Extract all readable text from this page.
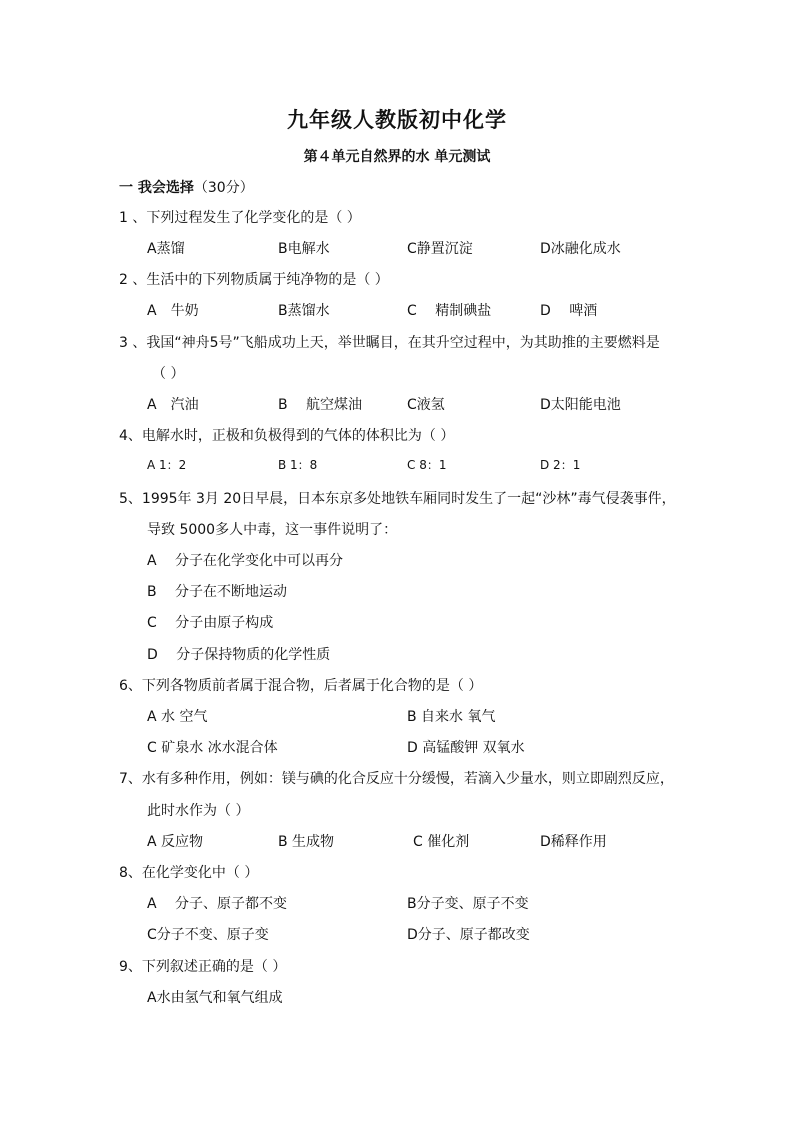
九年级人教版初中化学
第４单元自然界的水 单元测试
一 我会选择（30分）
1 、下列过程发生了化学变化的是（ ）
A蒸馏	B电解水	C静置沉淀	D冰融化成水
2 、生活中的下列物质属于纯净物的是（ ）
A　牛奶	B蒸馏水	C　 精制碘盐	D　 啤酒
3 、我国“神舟5号”飞船成功上天，举世瞩目，在其升空过程中，为其助推的主要燃料是
（ ）
A　汽油	B　 航空煤油	C液氢	D太阳能电池
4、电解水时，正极和负极得到的气体的体积比为（ ）
A 1：2	B 1：8	C 8：1	D 2：1
5、1995年 3月 20日早晨，日本东京多处地铁车厢同时发生了一起“沙林”毒气侵袭事件，
导致 5000多人中毒，这一事件说明了：
A　 分子在化学变化中可以再分
B　 分子在不断地运动
C　 分子由原子构成
D　 分子保持物质的化学性质
6、下列各物质前者属于混合物，后者属于化合物的是（ ）
A 水 空气	B 自来水 氧气
C 矿泉水 冰水混合体	D 高锰酸钾 双氧水
7、水有多种作用，例如：镁与碘的化合反应十分缓慢，若滴入少量水，则立即剧烈反应，
此时水作为（ ）
A 反应物	B 生成物	C 催化剂	D稀释作用
8、在化学变化中（ ）
A　 分子、原子都不变	B分子变、原子不变
C分子不变、原子变	D分子、原子都改变
9、下列叙述正确的是（ ）
A水由氢气和氧气组成
